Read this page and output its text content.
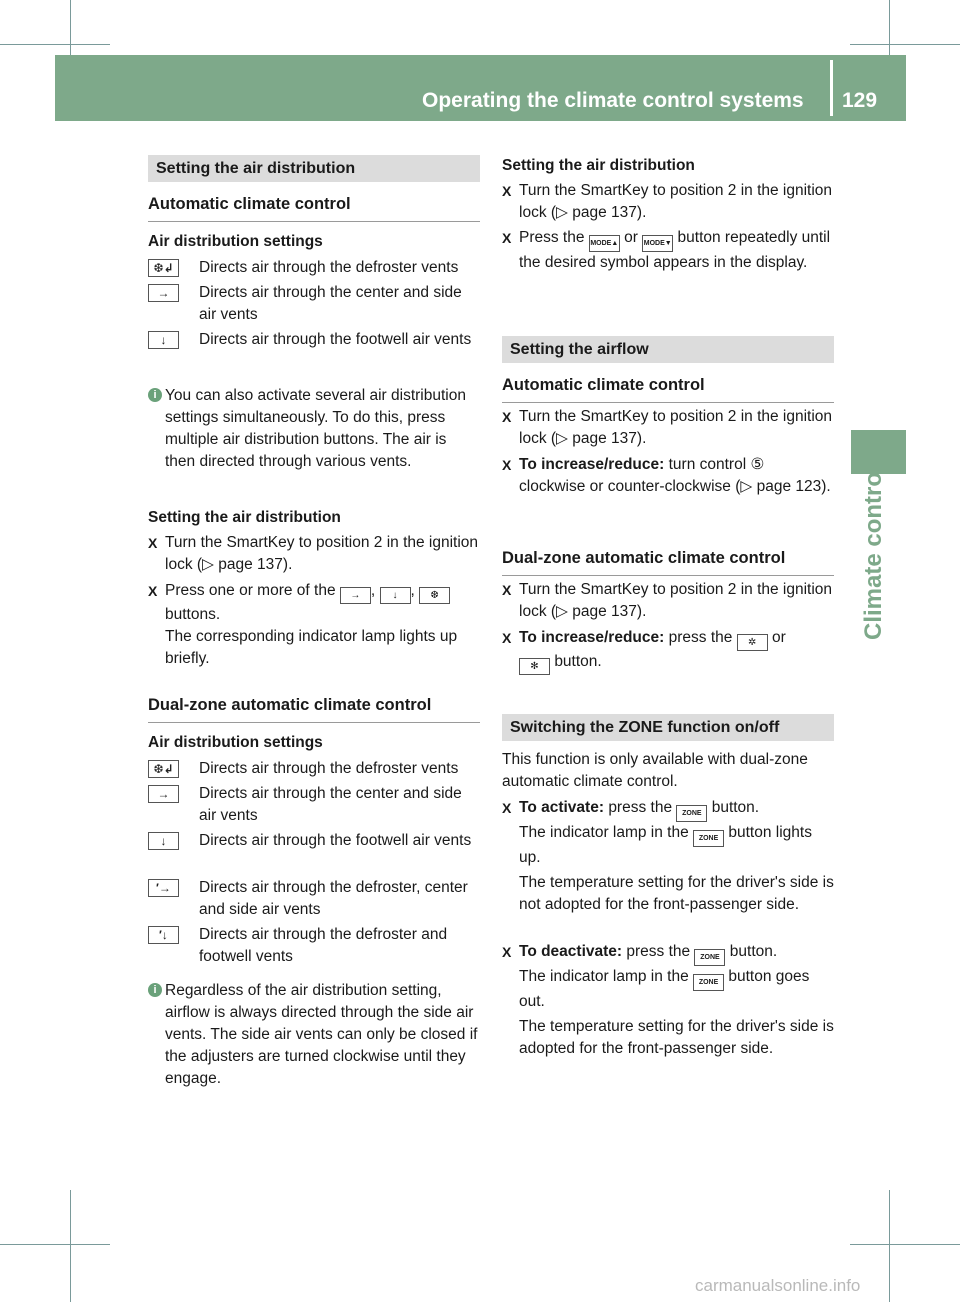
Operating the climate control systems	129
Climate control
Setting the air distribution
Automatic climate control
Air distribution settings
❆↲	Directs air through the defroster vents
→	Directs air through the center and side air vents
↓	Directs air through the footwell air vents
i You can also activate several air distribution settings simultaneously. To do this, press multiple air distribution buttons. The air is then directed through various vents.
Setting the air distribution
X Turn the SmartKey to position 2 in the ignition lock (▷ page 137).
X Press one or more of the → , ↓ , ❆ buttons.
The corresponding indicator lamp lights up briefly.
Dual-zone automatic climate control
Air distribution settings
❆↲	Directs air through the defroster vents
→	Directs air through the center and side air vents
↓	Directs air through the footwell air vents
′→	Directs air through the defroster, center and side air vents
′↓	Directs air through the defroster and footwell vents
i Regardless of the air distribution setting, airflow is always directed through the side air vents. The side air vents can only be closed if the adjusters are turned clockwise until they engage.
Setting the air distribution
X Turn the SmartKey to position 2 in the ignition lock (▷ page 137).
X Press the MODE▲ or MODE▼ button repeatedly until the desired symbol appears in the display.
Setting the airflow
Automatic climate control
X Turn the SmartKey to position 2 in the ignition lock (▷ page 137).
X To increase/reduce: turn control ⑤ clockwise or counter-clockwise (▷ page 123).
Dual-zone automatic climate control
X Turn the SmartKey to position 2 in the ignition lock (▷ page 137).
X To increase/reduce: press the ✲ or
✻ button.
Switching the ZONE function on/off
This function is only available with dual-zone automatic climate control.
X To activate: press the ZONE button.
The indicator lamp in the ZONE button lights up.
The temperature setting for the driver's side is not adopted for the front-passenger side.
X To deactivate: press the ZONE button.
The indicator lamp in the ZONE button goes out.
The temperature setting for the driver's side is adopted for the front-passenger side.
carmanualsonline.info
